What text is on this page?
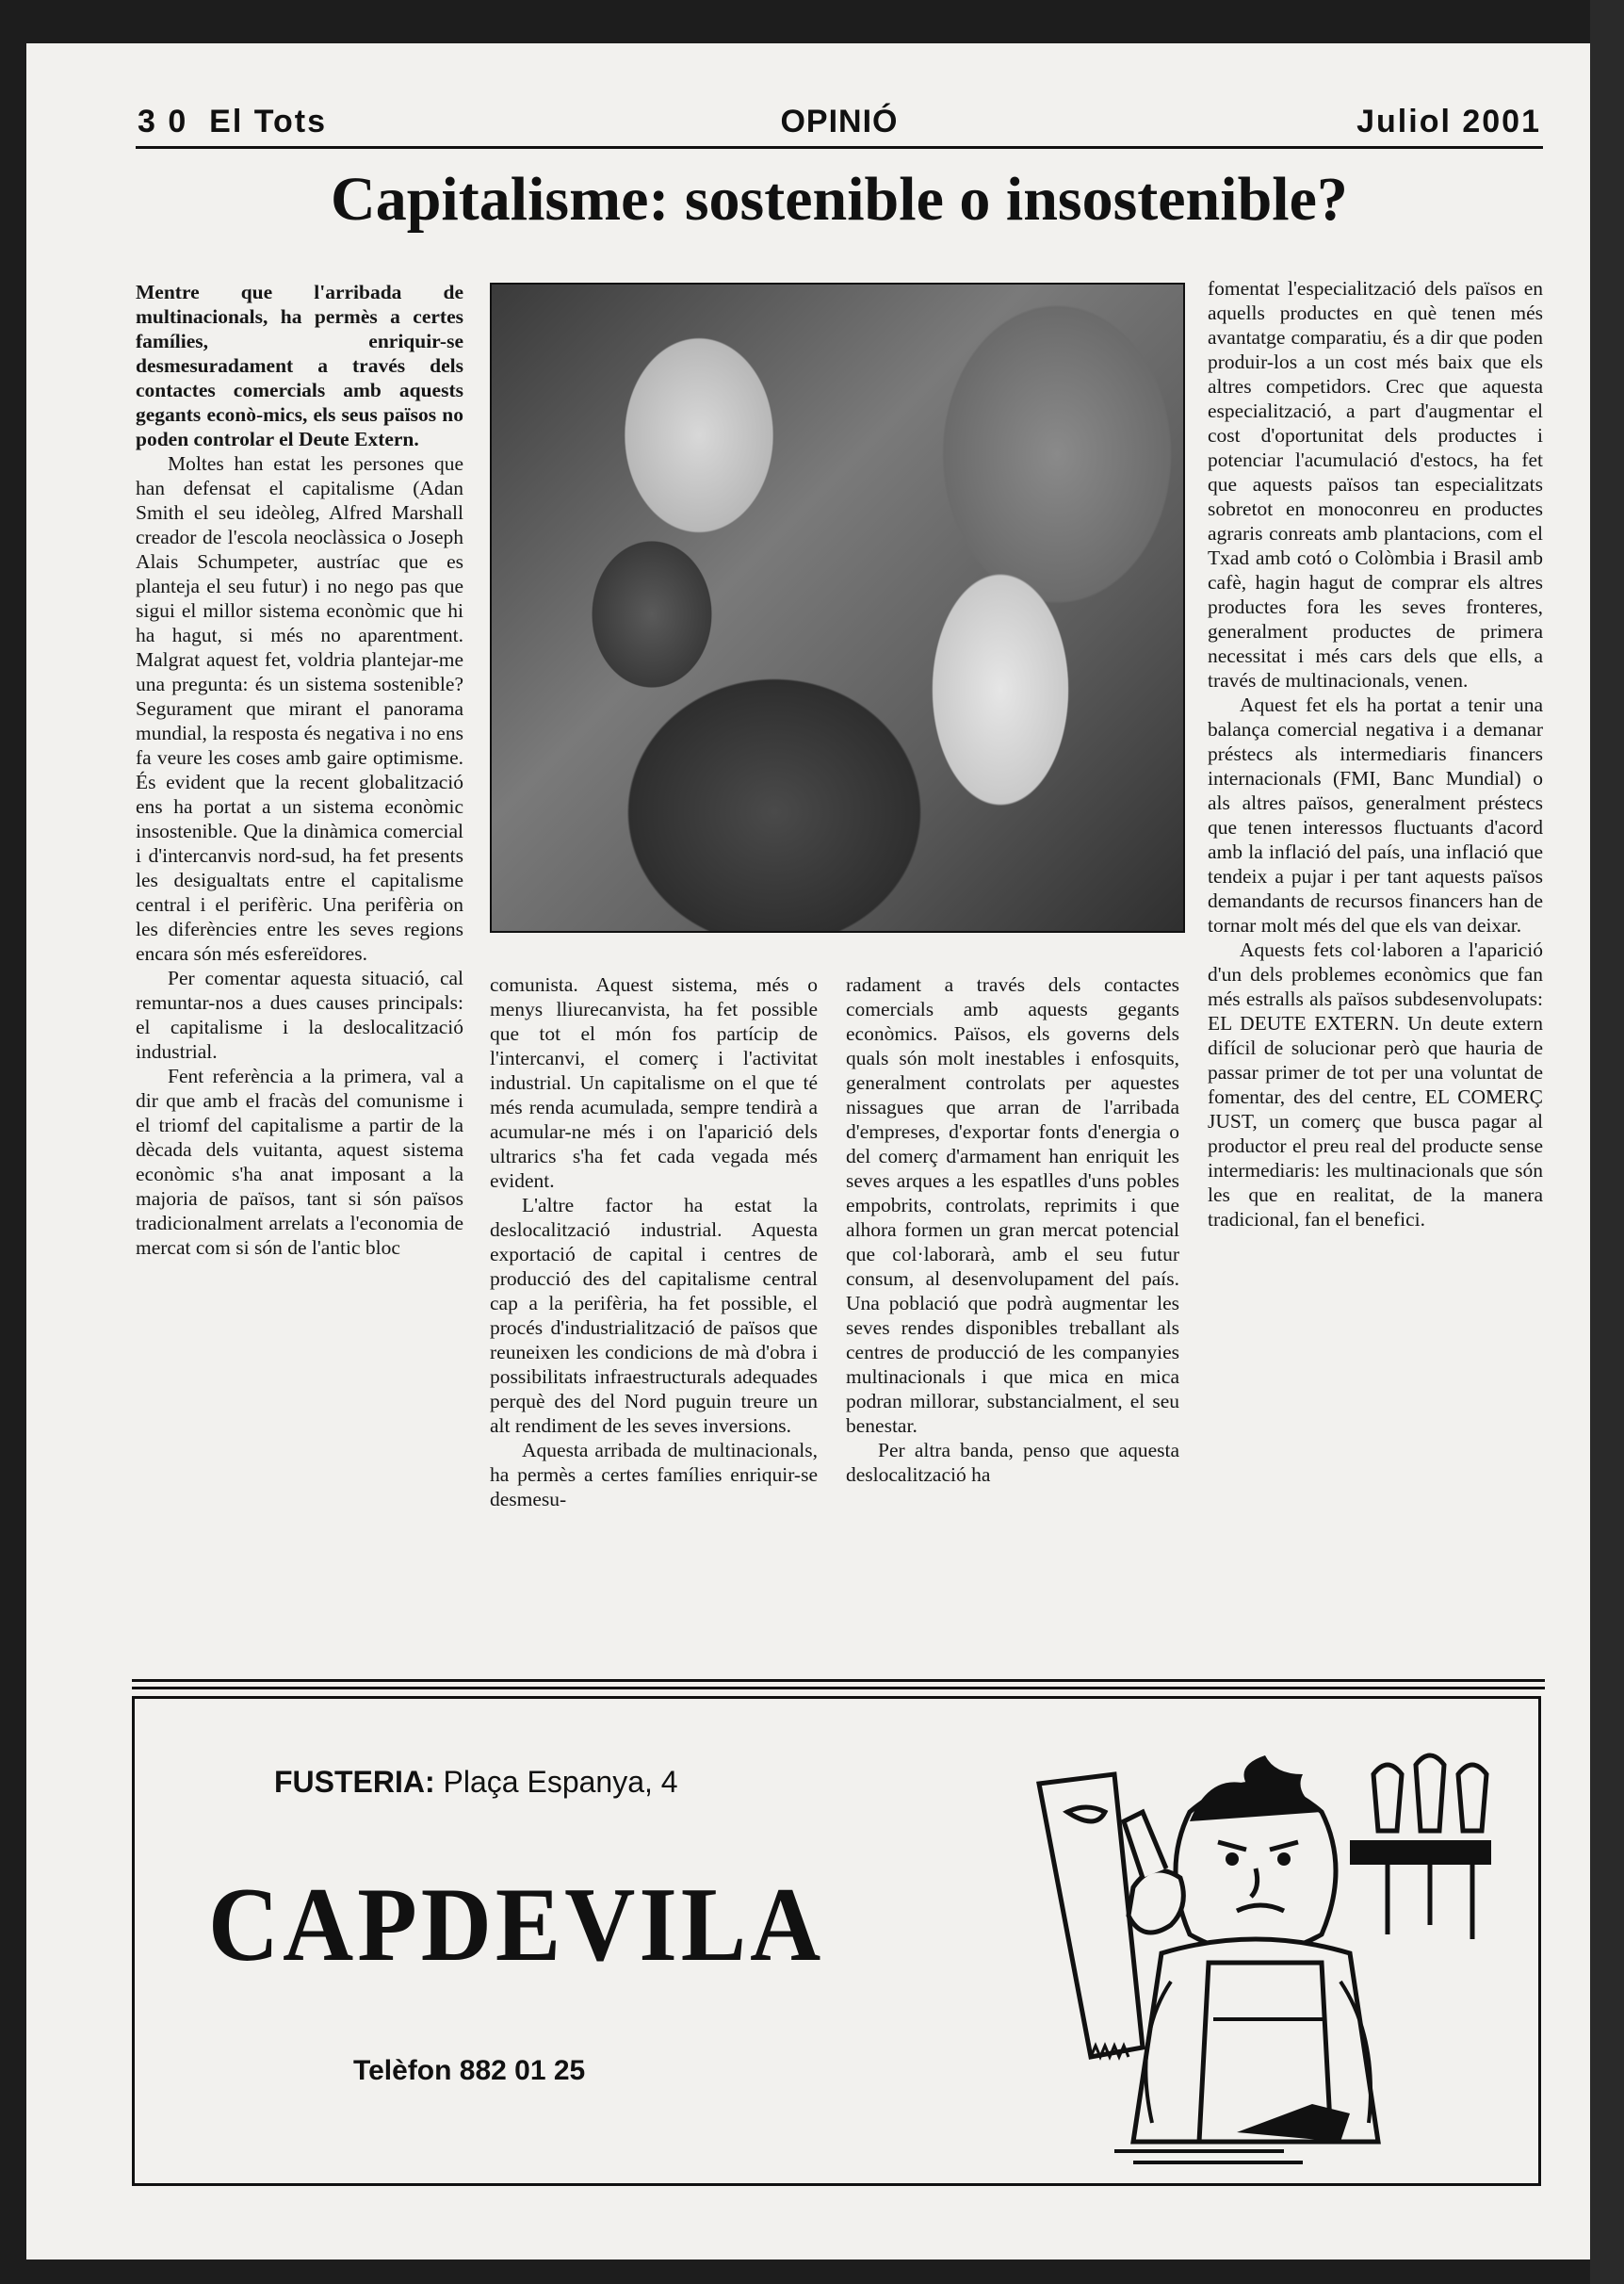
3 0  El Tots	OPINIÓ	Juliol 2001
Capitalisme: sostenible o insostenible?

Mentre que l'arribada de multinacionals, ha permès a certes famílies, enriquir-se desmesuradament a través dels contactes comercials amb aquests gegants econò-mics, els seus països no poden controlar el Deute Extern.

Moltes han estat les persones que han defensat el capitalisme (Adan Smith el seu ideòleg, Alfred Marshall creador de l'escola neoclàssica o Joseph Alais Schumpeter, austríac que es planteja el seu futur) i no nego pas que sigui el millor sistema econòmic que hi ha hagut, si més no aparentment. Malgrat aquest fet, voldria plantejar-me una pregunta: és un sistema sostenible? Segurament que mirant el panorama mundial, la resposta és negativa i no ens fa veure les coses amb gaire optimisme. És evident que la recent globalització ens ha portat a un sistema econòmic insostenible. Que la dinàmica comercial i d'intercanvis nord-sud, ha fet presents les desigualtats entre el capitalisme central i el perifèric. Una perifèria on les diferències entre les seves regions encara són més esfereïdores.

Per comentar aquesta situació, cal remuntar-nos a dues causes principals: el capitalisme i la deslocalització industrial.

Fent referència a la primera, val a dir que amb el fracàs del comunisme i el triomf del capitalisme a partir de la dècada dels vuitanta, aquest sistema econòmic s'ha anat imposant a la majoria de països, tant si són països tradicionalment arrelats a l'economia de mercat com si són de l'antic bloc

comunista. Aquest sistema, més o menys lliurecanvista, ha fet possible que tot el món fos partícip de l'intercanvi, el comerç i l'activitat industrial. Un capitalisme on el que té més renda acumulada, sempre tendirà a acumular-ne més i on l'aparició dels ultrarics s'ha fet cada vegada més evident.

L'altre factor ha estat la deslocalització industrial. Aquesta exportació de capital i centres de producció des del capitalisme central cap a la perifèria, ha fet possible, el procés d'industrialització de països que reuneixen les condicions de mà d'obra i possibilitats infraestructurals adequades perquè des del Nord puguin treure un alt rendiment de les seves inversions.

Aquesta arribada de multinacionals, ha permès a certes famílies enriquir-se desmesu-

radament a través dels contactes comercials amb aquests gegants econòmics. Països, els governs dels quals són molt inestables i enfosquits, generalment controlats per aquestes nissagues que arran de l'arribada d'empreses, d'exportar fonts d'energia o del comerç d'armament han enriquit les seves arques a les espatlles d'uns pobles empobrits, controlats, reprimits i que alhora formen un gran mercat potencial que col·laborarà, amb el seu futur consum, al desenvolupament del país. Una població que podrà augmentar les seves rendes disponibles treballant als centres de producció de les companyies multinacionals i que mica en mica podran millorar, substancialment, el seu benestar.

Per altra banda, penso que aquesta deslocalització ha

fomentat l'especialització dels països en aquells productes en què tenen més avantatge comparatiu, és a dir que poden produir-los a un cost més baix que els altres competidors. Crec que aquesta especialització, a part d'augmentar el cost d'oportunitat dels productes i potenciar l'acumulació d'estocs, ha fet que aquests països tan especialitzats sobretot en monoconreu en productes agraris conreats amb plantacions, com el Txad amb cotó o Colòmbia i Brasil amb cafè, hagin hagut de comprar els altres productes fora les seves fronteres, generalment productes de primera necessitat i més cars dels que ells, a través de multinacionals, venen.

Aquest fet els ha portat a tenir una balança comercial negativa i a demanar préstecs als intermediaris financers internacionals (FMI, Banc Mundial) o als altres països, generalment préstecs que tenen interessos fluctuants d'acord amb la inflació del país, una inflació que tendeix a pujar i per tant aquests països demandants de recursos financers han de tornar molt més del que els van deixar.

Aquests fets col·laboren a l'aparició d'un dels problemes econòmics que fan més estralls als països subdesenvolupats: EL DEUTE EXTERN. Un deute extern difícil de solucionar però que hauria de passar primer de tot per una voluntat de fomentar, des del centre, EL COMERÇ JUST, un comerç que busca pagar al productor el preu real del producte sense intermediaris: les multinacionals que són les que en realitat, de la manera tradicional, fan el benefici.

FUSTERIA: Plaça Espanya, 4
CAPDEVILA
Telèfon 882 01 25
